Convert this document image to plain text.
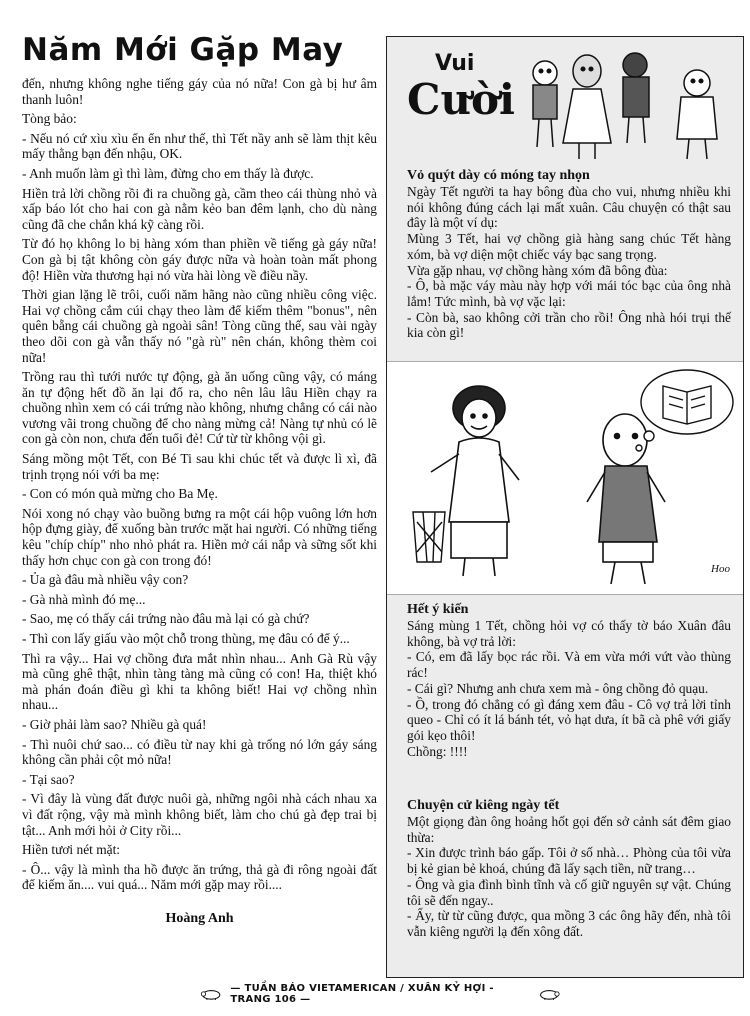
Năm Mới Gặp May

đến, nhưng không nghe tiếng gáy của nó nữa! Con gà bị hư âm thanh luôn!

Tòng bảo:

- Nếu nó cứ xìu xìu ển ển như thế, thì Tết nầy anh sẽ làm thịt kêu mấy thằng bạn đến nhậu, OK.

- Anh muốn làm gì thì làm, đừng cho em thấy là được.

Hiền trả lời chồng rồi đi ra chuồng gà, cầm theo cái thùng nhỏ và xấp báo lót cho hai con gà nằm kẻo ban đêm lạnh, cho dù nàng cũng đã che chắn khá kỹ càng rồi.

Từ đó họ không lo bị hàng xóm than phiền về tiếng gà gáy nữa! Con gà bị tật không còn gáy được nữa và hoàn toàn mất phong độ! Hiền vừa thương hại nó vừa hài lòng về điều nầy.

Thời gian lặng lẽ trôi, cuối năm hãng nào cũng nhiều công việc. Hai vợ chồng cắm cúi chạy theo làm để kiếm thêm "bonus", nên quên bẵng cái chuồng gà ngoài sân! Tòng cũng thế, sau vài ngày theo dõi con gà vẫn thấy nó "gà rù" nên chán, không thèm coi nữa!

Trồng rau thì tưới nước tự động, gà ăn uống cũng vậy, có máng ăn tự động hết đồ ăn lại đổ ra, cho nên lâu lâu Hiền chạy ra chuồng nhìn xem có cái trứng nào không, nhưng chẳng có cái nào vương vãi trong chuồng để cho nàng mừng cả! Nàng tự nhủ có lẽ con gà còn non, chưa đến tuổi đẻ! Cứ từ từ không vội gì.

Sáng mồng một Tết, con Bé Ti sau khi chúc tết và được lì xì, đã trịnh trọng nói với ba mẹ:

- Con có món quà mừng cho Ba Mẹ.

Nói xong nó chạy vào buồng bưng ra một cái hộp vuông lớn hơn hộp đựng giày, để xuống bàn trước mặt hai người. Có những tiếng kêu "chíp chíp" nho nhỏ phát ra. Hiền mở cái nắp và sững sốt khi thấy hơn chục con gà con trong đó!

- Ủa gà đâu mà nhiều vậy con?

- Gà nhà mình đó mẹ...

- Sao, mẹ có thấy cái trứng nào đâu mà lại có gà chứ?

- Thì con lấy giấu vào một chỗ trong thùng, mẹ đâu có để ý...

Thì ra vậy... Hai vợ chồng đưa mắt nhìn nhau... Anh Gà Rù vậy mà cũng ghê thật, nhìn tàng tàng mà cũng có con! Ha, thiệt khó mà phán đoán điều gì khi ta không biết! Hai vợ chồng nhìn nhau...

- Giờ phải làm sao? Nhiều gà quá!

- Thì nuôi chứ sao... có điều từ nay khi gà trống nó lớn gáy sáng không cần phải cột mỏ nữa!

- Tại sao?

- Vì đây là vùng đất được nuôi gà, những ngôi nhà cách nhau xa vì đất rộng, vậy mà mình không biết, làm cho chú gà đẹp trai bị tật... Anh mới hỏi ở City rồi...

Hiền tươi nét mặt:

- Ô... vậy là mình tha hồ được ăn trứng, thả gà đi rông ngoài đất để kiếm ăn.... vui quá... Năm mới gặp may rồi....

Hoàng Anh
Vui
Cười
Vỏ quýt dày có móng tay nhọn

Ngày Tết người ta hay bông đùa cho vui, nhưng nhiều khi nói không đúng cách lại mất xuân. Câu chuyện có thật sau đây là một ví dụ:

Mùng 3 Tết, hai vợ chồng già hàng sang chúc Tết hàng xóm, bà vợ diện một chiếc váy bạc sang trọng.

Vừa gặp nhau, vợ chồng hàng xóm đã bông đùa:

- Ô, bà mặc váy màu này hợp với mái tóc bạc của ông nhà lắm! Tức mình, bà vợ vặc lại:

- Còn bà, sao không cởi trần cho rồi! Ông nhà hói trụi thế kia còn gì!

Hoo
Hết ý kiến

Sáng mùng 1 Tết, chồng hỏi vợ có thấy tờ báo Xuân đâu không, bà vợ trả lời:

- Có, em đã lấy bọc rác rồi. Và em vừa mới vứt vào thùng rác!

- Cái gì? Nhưng anh chưa xem mà - ông chồng đỏ quạu.

- Ồ, trong đó chẳng có gì đáng xem đâu - Cô vợ trả lời tỉnh queo - Chỉ có ít lá bánh tét, vỏ hạt dưa, ít bã cà phê với giấy gói kẹo thôi!

Chồng: !!!!

Chuyện cử kiêng ngày tết

Một giọng đàn ông hoảng hốt gọi đến sở cảnh sát đêm giao thừa:

- Xin được trình báo gấp. Tôi ở số nhà… Phòng của tôi vừa bị kẻ gian bẻ khoá, chúng đã lấy sạch tiền, nữ trang…

- Ông và gia đình bình tĩnh và cố giữ nguyên sự vật. Chúng tôi sẽ đến ngay..

- Ấy, từ từ cũng được, qua mồng 3 các ông hãy đến, nhà tôi vẫn kiêng người lạ đến xông đất.

— TUẦN BÁO VIETAMERICAN / XUÂN KỶ HỢI - TRANG 106 —
